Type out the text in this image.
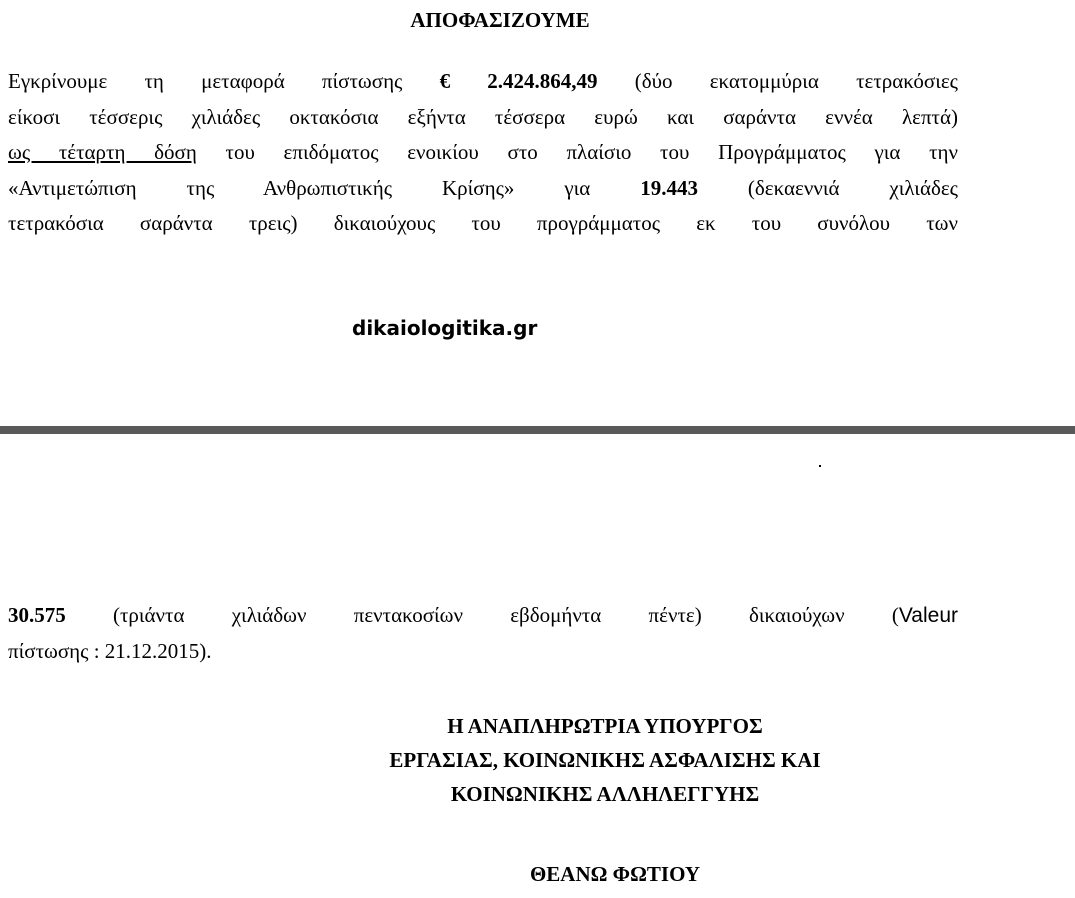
ΑΠΟΦΑΣΙΖΟΥΜΕ
Εγκρίνουμε τη μεταφορά πίστωσης € 2.424.864,49 (δύο εκατομμύρια τετρακόσιες
είκοσι τέσσερις χιλιάδες οκτακόσια εξήντα τέσσερα ευρώ και σαράντα εννέα λεπτά)
ως τέταρτη δόση του επιδόματος ενοικίου στο πλαίσιο του Προγράμματος για την
«Αντιμετώπιση της Ανθρωπιστικής Κρίσης» για 19.443 (δεκαεννιά χιλιάδες
τετρακόσια σαράντα τρεις) δικαιούχους του προγράμματος εκ του συνόλου των
dikaiologitika.gr
30.575 (τριάντα χιλιάδων πεντακοσίων εβδομήντα πέντε) δικαιούχων (Valeur
πίστωσης : 21.12.2015).
Η ΑΝΑΠΛΗΡΩΤΡΙΑ ΥΠΟΥΡΓΟΣ
ΕΡΓΑΣΙΑΣ, ΚΟΙΝΩΝΙΚΗΣ ΑΣΦΑΛΙΣΗΣ ΚΑΙ
ΚΟΙΝΩΝΙΚΗΣ ΑΛΛΗΛΕΓΓΥΗΣ
ΘΕΑΝΩ ΦΩΤΙΟΥ
